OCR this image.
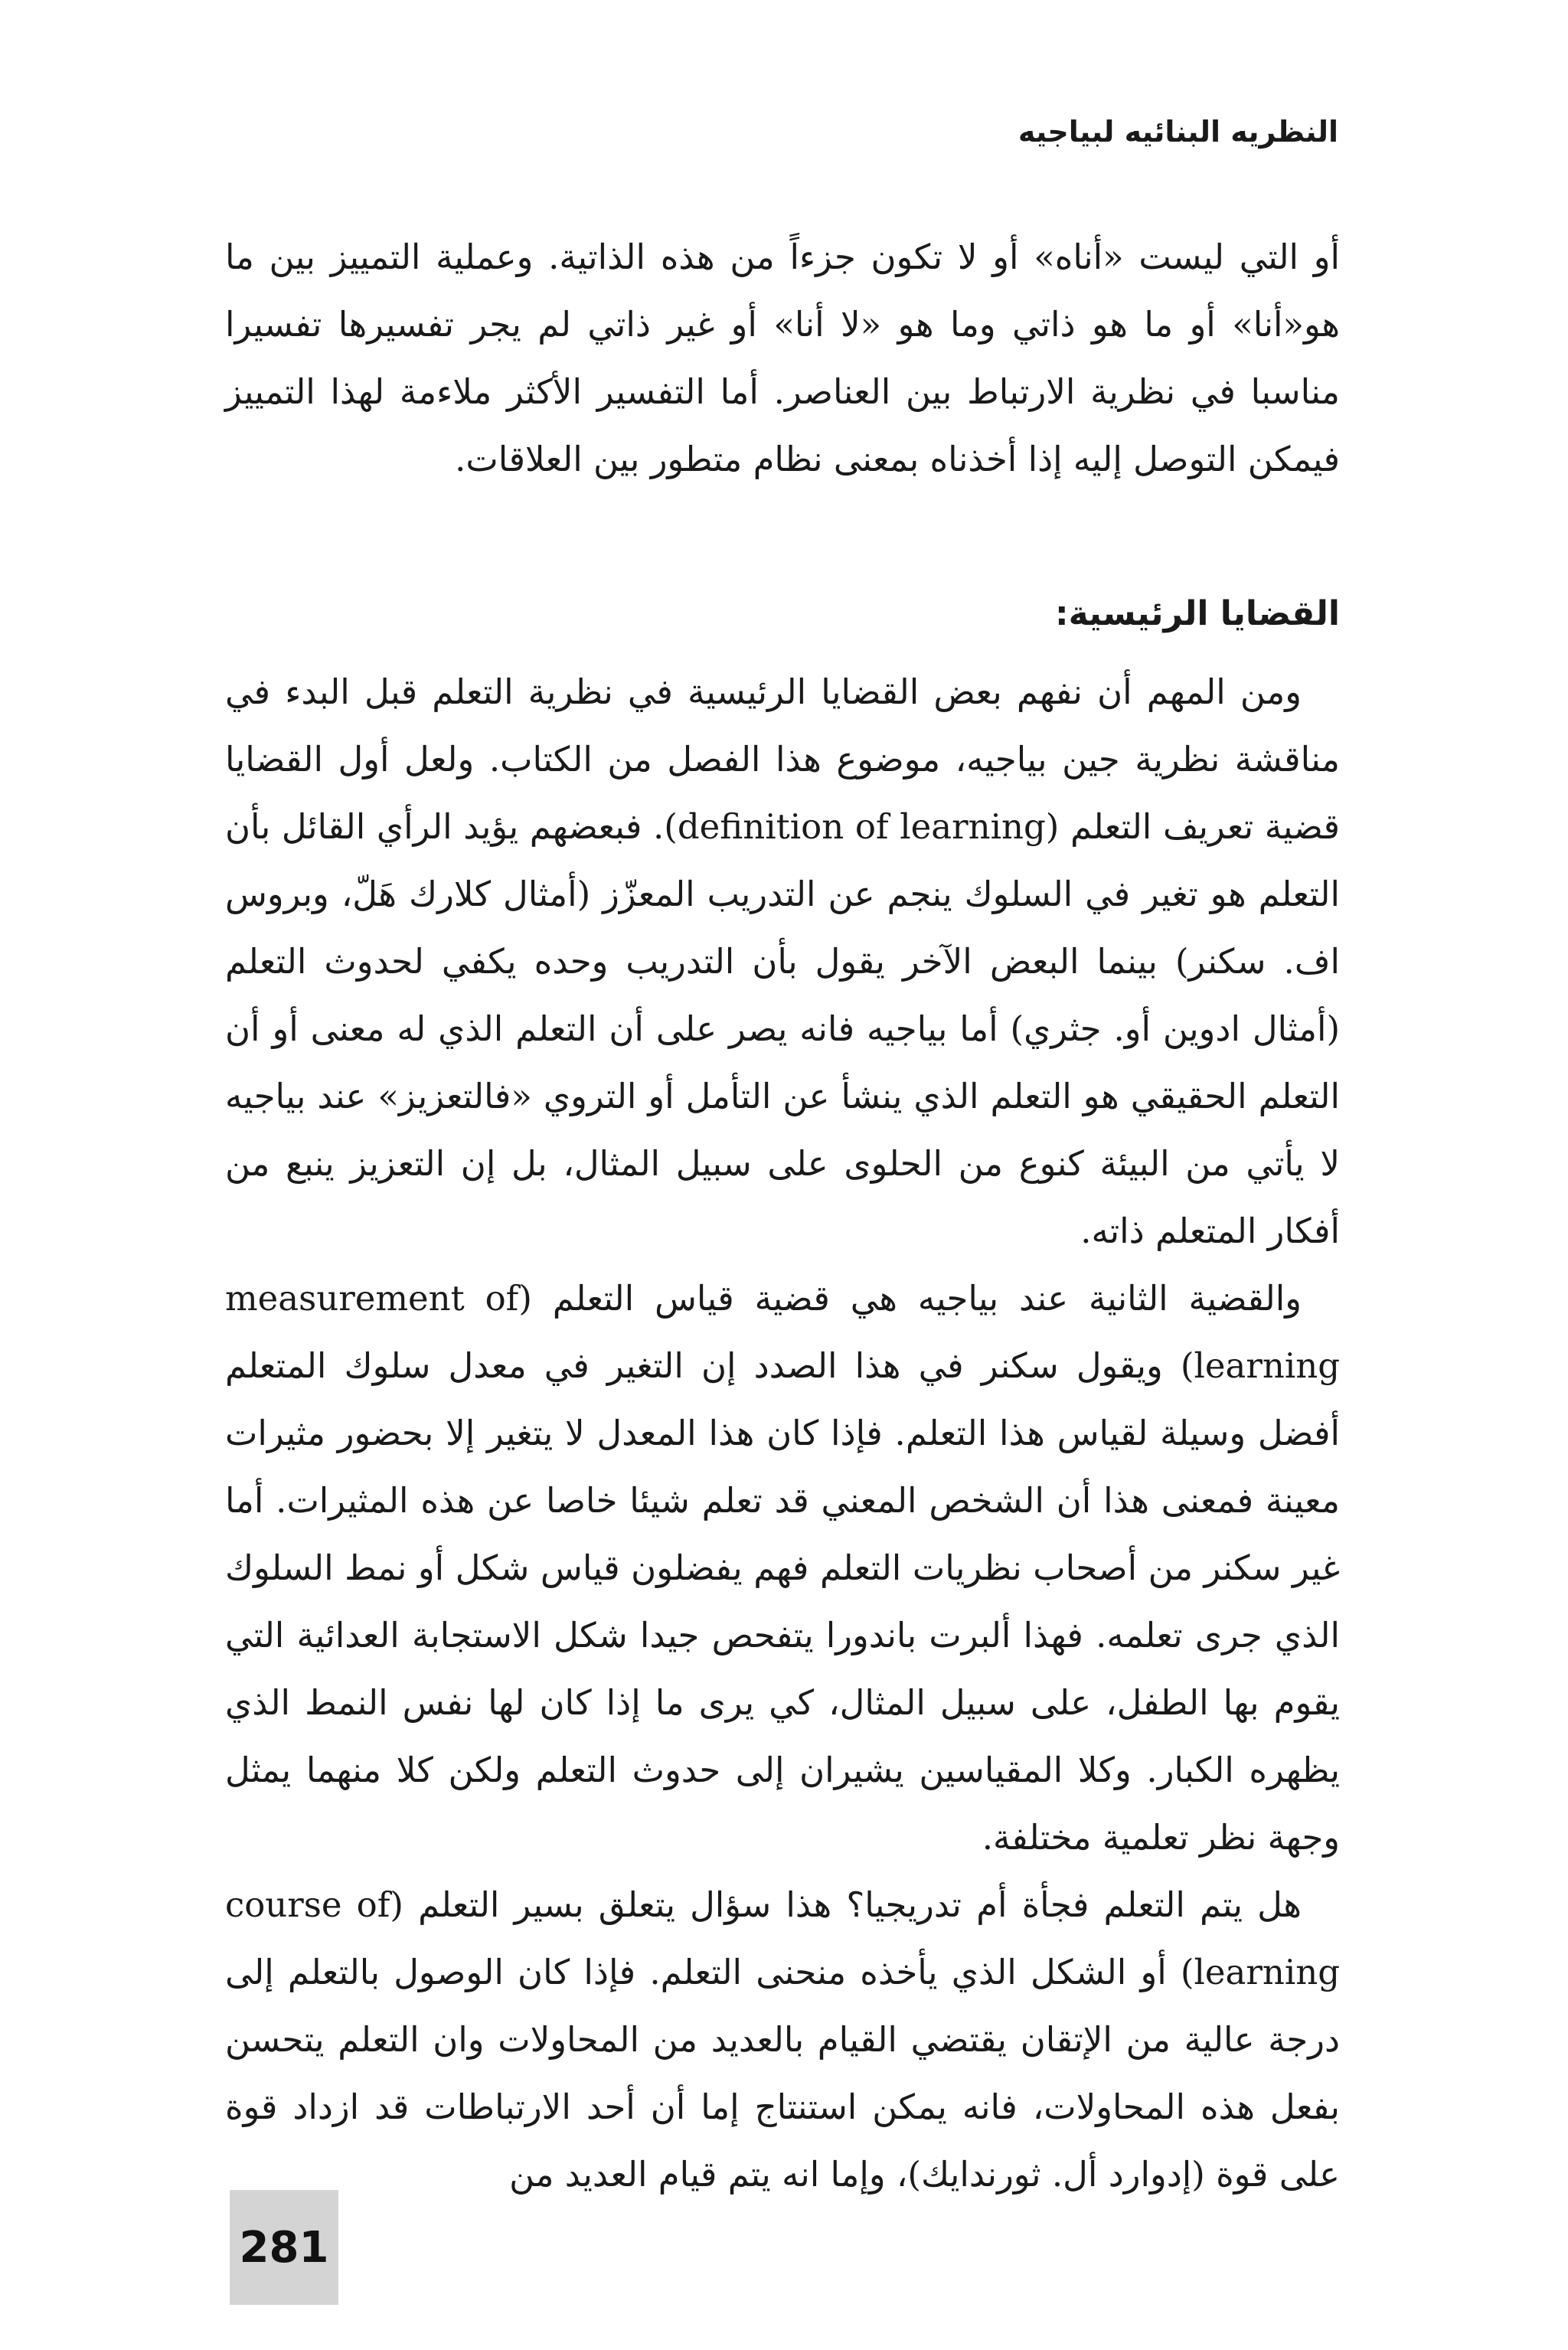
النظريه البنائيه لبياجيه

أو التي ليست «أناه» أو لا تكون جزءاً من هذه الذاتية. وعملية التمييز بين ما هو«أنا» أو ما هو ذاتي وما هو «لا أنا» أو غير ذاتي لم يجر تفسيرها تفسيرا مناسبا في نظرية الارتباط بين العناصر. أما التفسير الأكثر ملاءمة لهذا التمييز فيمكن التوصل إليه إذا أخذناه بمعنى نظام متطور بين العلاقات.

القضايا الرئيسية:

ومن المهم أن نفهم بعض القضايا الرئيسية في نظرية التعلم قبل البدء في مناقشة نظرية جين بياجيه، موضوع هذا الفصل من الكتاب. ولعل أول القضايا قضية تعريف التعلم (definition of learning). فبعضهم يؤيد الرأي القائل بأن التعلم هو تغير في السلوك ينجم عن التدريب المعزّز (أمثال كلارك هَلّ، وبروس اف. سكنر) بينما البعض الآخر يقول بأن التدريب وحده يكفي لحدوث التعلم (أمثال ادوين أو. جثري) أما بياجيه فانه يصر على أن التعلم الذي له معنى أو أن التعلم الحقيقي هو التعلم الذي ينشأ عن التأمل أو التروي «فالتعزيز» عند بياجيه لا يأتي من البيئة كنوع من الحلوى على سبيل المثال، بل إن التعزيز ينبع من أفكار المتعلم ذاته.

والقضية الثانية عند بياجيه هي قضية قياس التعلم (measurement of learning) ويقول سكنر في هذا الصدد إن التغير في معدل سلوك المتعلم أفضل وسيلة لقياس هذا التعلم. فإذا كان هذا المعدل لا يتغير إلا بحضور مثيرات معينة فمعنى هذا أن الشخص المعني قد تعلم شيئا خاصا عن هذه المثيرات. أما غير سكنر من أصحاب نظريات التعلم فهم يفضلون قياس شكل أو نمط السلوك الذي جرى تعلمه. فهذا ألبرت باندورا يتفحص جيدا شكل الاستجابة العدائية التي يقوم بها الطفل، على سبيل المثال، كي يرى ما إذا كان لها نفس النمط الذي يظهره الكبار. وكلا المقياسين يشيران إلى حدوث التعلم ولكن كلا منهما يمثل وجهة نظر تعلمية مختلفة.

هل يتم التعلم فجأة أم تدريجيا؟ هذا سؤال يتعلق بسير التعلم (course of learning) أو الشكل الذي يأخذه منحنى التعلم. فإذا كان الوصول بالتعلم إلى درجة عالية من الإتقان يقتضي القيام بالعديد من المحاولات وان التعلم يتحسن بفعل هذه المحاولات، فانه يمكن استنتاج إما أن أحد الارتباطات قد ازداد قوة على قوة (إدوارد أل. ثورندايك)، وإما انه يتم قيام العديد من

281
